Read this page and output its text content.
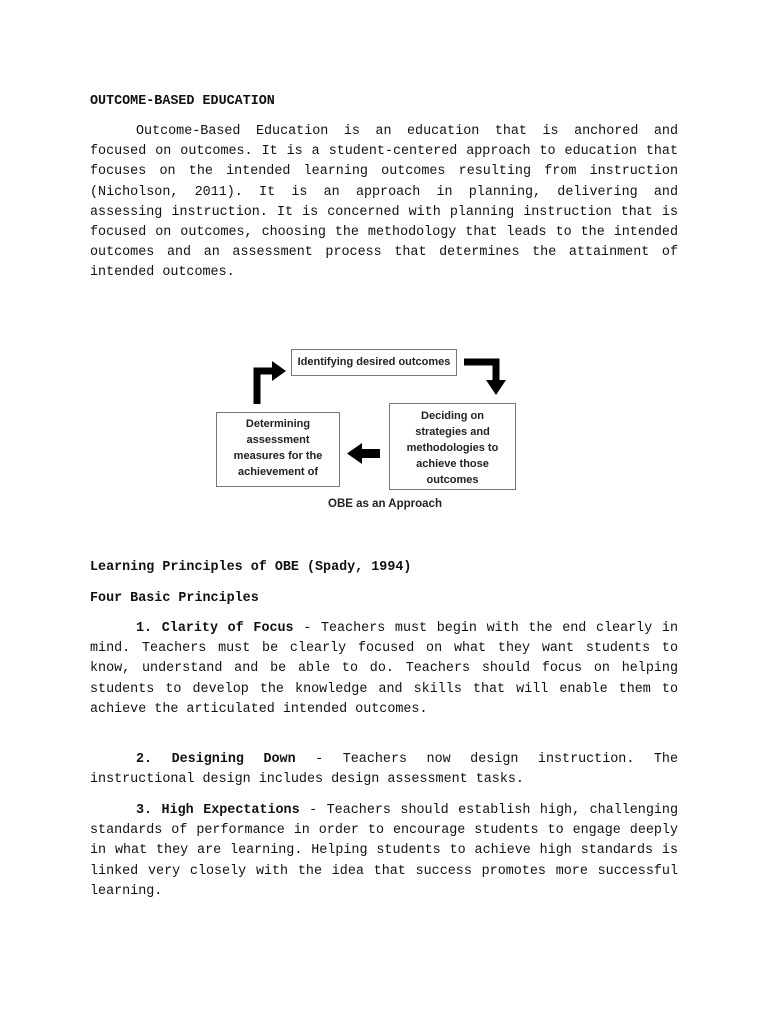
OUTCOME-BASED EDUCATION

Outcome-Based Education is an education that is anchored and focused on outcomes. It is a student-centered approach to education that focuses on the intended learning outcomes resulting from instruction (Nicholson, 2011). It is an approach in planning, delivering and assessing instruction. It is concerned with planning instruction that is focused on outcomes, choosing the methodology that leads to the intended outcomes and an assessment process that determines the attainment of intended outcomes.

Learning Principles of OBE (Spady, 1994)
Four Basic Principles

1. Clarity of Focus - Teachers must begin with the end clearly in mind. Teachers must be clearly focused on what they want students to know, understand and be able to do. Teachers should focus on helping students to develop the knowledge and skills that will enable them to achieve the articulated intended outcomes.

2. Designing Down - Teachers now design instruction. The instructional design includes design assessment tasks.

3. High Expectations - Teachers should establish high, challenging standards of performance in order to encourage students to engage deeply in what they are learning. Helping students to achieve high standards is linked very closely with the idea that success promotes more successful learning.

Identifying desired outcomes
Deciding on strategies and methodologies to achieve those outcomes
Determining assessment measures for the achievement of
OBE as an Approach
